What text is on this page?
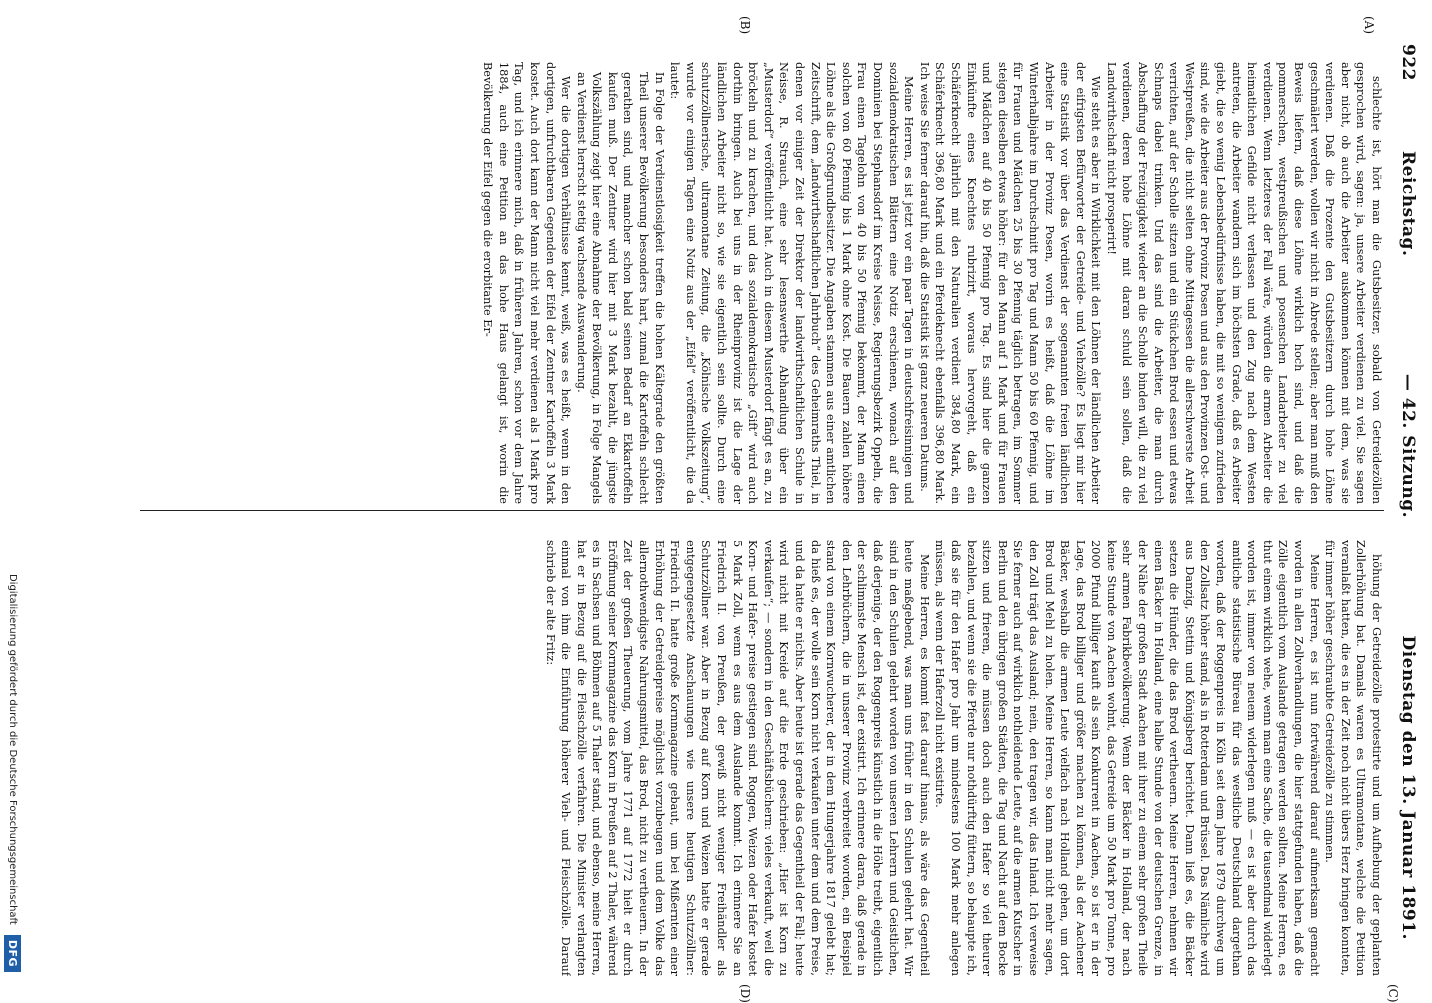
922
Reichstag.
— 42. Sitzung.
Dienstag den 13. Januar 1891.
(A)
(B)
(C)
(D)

schlechte ist, hört man die Gutsbesitzer, sobald von Getreidezöllen gesprochen wird, sagen: ja, unsere Arbeiter verdienen zu viel. Sie sagen aber nicht, ob auch die Arbeiter auskommen können mit dem, was sie verdienen. Daß die Prozente den Gutsbesitzern durch hohe Löhne geschmälert werden, wollen wir nicht in Abrede stellen; aber man muß den Beweis liefern, daß diese Löhne wirklich hoch sind, und daß die pommerschen, westpreußischen und posenschen Landarbeiter zu viel verdienen. Wenn letzteres der Fall wäre, würden die armen Arbeiter die heimatlichen Gefilde nicht verlassen und den Zug nach dem Westen antreten, die Arbeiter wandern sich im höchsten Grade, daß es Arbeiter giebt, die so wenig Lebensbedürfnisse haben, die mit so wenigem zufrieden sind, wie die Arbeiter aus der Provinz Posen und aus den Provinzen Ost- und Westpreußen, die nicht selten ohne Mittagessen die allerschwerste Arbeit verrichten, auf der Scholle sitzen und ein Stückchen Brod essen und etwas Schnaps dabei trinken. Und das sind die Arbeiter, die man durch Abschaffung der Freizügigkeit wieder an die Scholle binden will, die zu viel verdienen, deren hohe Löhne mit daran schuld sein sollen, daß die Landwirthschaft nicht prosperirt!

Wie steht es aber in Wirklichkeit mit den Löhnen der ländlichen Arbeiter der eifrigsten Befürworter der Getreide- und Viehzölle? Es liegt mir hier eine Statistik vor über das Verdienst der sogenannten freien ländlichen Arbeiter in der Provinz Posen, worin es heißt, daß die Löhne im Winterhalbjahre im Durchschnitt pro Tag und Mann 50 bis 60 Pfennig, und für Frauen und Mädchen 25 bis 30 Pfennig täglich betragen, im Sommer steigen dieselben etwas höher: für den Mann auf 1 Mark und für Frauen und Mädchen auf 40 bis 50 Pfennig pro Tag. Es sind hier die ganzen Einkünfte eines Knechtes rubrizirt, woraus hervorgeht, daß ein Schäferknecht jährlich mit den Naturalien verdient 384,80 Mark, ein Schäferknecht 396,80 Mark und ein Pferdeknecht ebenfalls 396,80 Mark. Ich weise Sie ferner darauf hin, daß die Statistik ist ganz neueren Datums.

Meine Herren, es ist jetzt vor ein paar Tagen in deutschfreisinnigen und sozialdemokratischen Blättern eine Notiz erschienen, wonach auf den Dominien bei Stephansdorf im Kreise Neisse, Regierungsbezirk Oppeln, die Frau einen Tagelohn von 40 bis 50 Pfennig bekommt, der Mann einen solchen von 60 Pfennig bis 1 Mark ohne Kost. Die Bauern zahlen höhere Löhne als die Großgrundbesitzer. Die Angaben stammen aus einer amtlichen Zeitschrift, dem „landwirthschaftlichen Jahrbuch“ des Geheimraths Thiel, in denen vor einiger Zeit der Direktor der landwirthschaftlichen Schule in Neisse, R. Strauch, eine sehr lesenswerthe Abhandlung über ein „Musterdorf“ veröffentlicht hat. Auch in diesem Musterdorf fängt es an, zu bröckeln und zu krachen, und das sozialdemokratische „Gift“ wird auch dorthin bringen. Auch bei uns in der Rheinprovinz ist die Lage der ländlichen Arbeiter nicht so, wie sie eigentlich sein sollte. Durch eine schutzzöllnerische, ultramontane Zeitung, die „Kölnische Volkszeitung“, wurde vor einigen Tagen eine Notiz aus der „Eifel“ veröffentlicht, die da lautet:

In Folge der Verdienstlosigkeit treffen die hohen Kältegrade den größten Theil unserer Bevölkerung besonders hart, zumal die Kartoffeln schlecht gerathen sind, und mancher schon bald seinen Bedarf an Ekkartoffeln kaufen muß. Der Zentner wird hier mit 3 Mark bezahlt, die jüngste Volkszählung zeigt hier eine Abnahme der Bevölkerung, in Folge Mangels an Verdienst herrscht stetig wachsende Auswanderung.

Wer die dortigen Verhältnisse kennt, weiß, was es heißt, wenn in den dortigen, unfruchtbaren Gegenden der Eifel der Zentner Kartoffeln 3 Mark kostet. Auch dort kann der Mann nicht viel mehr verdienen als 1 Mark pro Tag, und ich erinnere mich, daß in früheren Jahren, schon vor dem Jahre 1884, auch eine Petition an das hohe Haus gelangt ist, worin die Bevölkerung der Eifel gegen die erorbitante Er-

höhung der Getreidezölle protestirte und um Aufhebung der geplanten Zollerhöhung bat. Damals waren es Ultramontane, welche die Petition veranlaßt hatten, die es in der Zeit noch nicht übers Herz bringen konnten, für immer höher geschraubte Getreidezölle zu stimmen.

Meine Herren, es ist nun fortwährend darauf aufmerksam gemacht worden in allen Zollverhandlungen, die hier stattgefunden haben, daß die Zölle eigentlich vom Auslande getragen werden sollten. Meine Herren, es thut einem wirklich wehe, wenn man eine Sache, die tausendmal widerlegt worden ist, immer von neuem widerlegen muß — es ist aber durch das amtliche statistische Büreau für das westliche Deutschland dargethan worden, daß der Roggenpreis in Köln seit dem Jahre 1879 durchweg um den Zollsatz höher stand, als in Rotterdam und Brüssel. Das Nämliche wird aus Danzig, Stettin und Königsberg berichtet. Dann ließ es, die Bäcker setzen die Hünder, die das Brod vertheuern. Meine Herren, nehmen wir einen Bäcker in Holland, eine halbe Stunde von der deutschen Grenze, in der Nähe der großen Stadt Aachen mit ihrer zu einem sehr großen Theile sehr armen Fabrikbevölkerung. Wenn der Bäcker in Holland, der nach keine Stunde von Aachen wohnt, das Getreide um 50 Mark pro Tonne, pro 2000 Pfund billiger kauft als sein Konkurrent in Aachen, so ist er in der Lage, das Brod billiger und größer machen zu können, als der Aachener Bäcker, weshalb die armen Leute vielfach nach Holland gehen, um dort Brod und Mehl zu holen. Meine Herren, so kann man nicht mehr sagen, den Zoll trägt das Ausland; nein, den tragen wir, das Inland. Ich verweise Sie ferner auch auf wirklich nothleidende Leute, auf die armen Kutscher in Berlin und den übrigen großen Städten, die Tag und Nacht auf dem Bocke sitzen und frieren, die müssen doch auch den Hafer so viel theurer bezahlen, und wenn sie die Pferde nur nothdürftig füttern, so behaupte ich, daß sie für den Hafer pro Jahr um mindestens 100 Mark mehr anlegen müssen, als wenn der Haferzoll nicht existirte.

Meine Herren, es kommt fast darauf hinaus, als wäre das Gegentheil heute maßgebend, was man uns früher in den Schulen gelehrt hat. Wir sind in den Schulen gelehrt worden von unseren Lehrern und Geistlichen, daß derjenige, der den Roggenpreis künstlich in die Höhe treibt, eigentlich der schlimmste Mensch ist, der existirt. Ich erinnere daran, daß gerade in den Lehrbüchern, die in unserer Provinz verbreitet worden, ein Beispiel stand von einem Kornwucherer, der in dem Hungerjahre 1817 gelebt hat; da hieß es, der wolle sein Korn nicht verkaufen unter dem und dem Preise, und da hatte er nichts. Aber heute ist gerade das Gegentheil der Fall; heute wird nicht mit Kreide auf die Erde geschrieben: „Hier ist Korn zu verkaufen“; — sondern in den Geschäftsbüchern: vieles verkauft, weil die Korn- und Hafer- preise gestiegen sind. Roggen, Weizen oder Hafer kostet 5 Mark Zoll, wenn es aus dem Auslande kommt. Ich erinnere Sie an Friedrich II. von Preußen, der gewiß nicht weniger Freihändler als Schutzzöllner war. Aber in Bezug auf Korn und Weizen hatte er gerade entgegengesetzte Anschauungen wie unsere heutigen Schutzzöllner: Friedrich II. hatte große Kornmagazine gebaut, um bei Mißernten einer Erhöhung der Getreidepreise möglichst vorzubeugen und dem Volke das allernothwendigste Nahrungsmittel, das Brod, nicht zu vertheuern. In der Zeit der großen Theuerung, vom Jahre 1771 auf 1772 hielt er durch Eröffnung seiner Kornmagazine das Korn in Preußen auf 2 Thaler, während es in Sachsen und Böhmen auf 5 Thaler stand, und ebenso, meine Herren, hat er in Bezug auf die Fleischzölle verfahren. Die Minister verlangten einmal von ihm die Einführung höherer Vieh- und Fleischzölle. Darauf schrieb der alte Fritz:

Digitalisierung gefördert durch die Deutsche Forschungsgemeinschaft
DFG
